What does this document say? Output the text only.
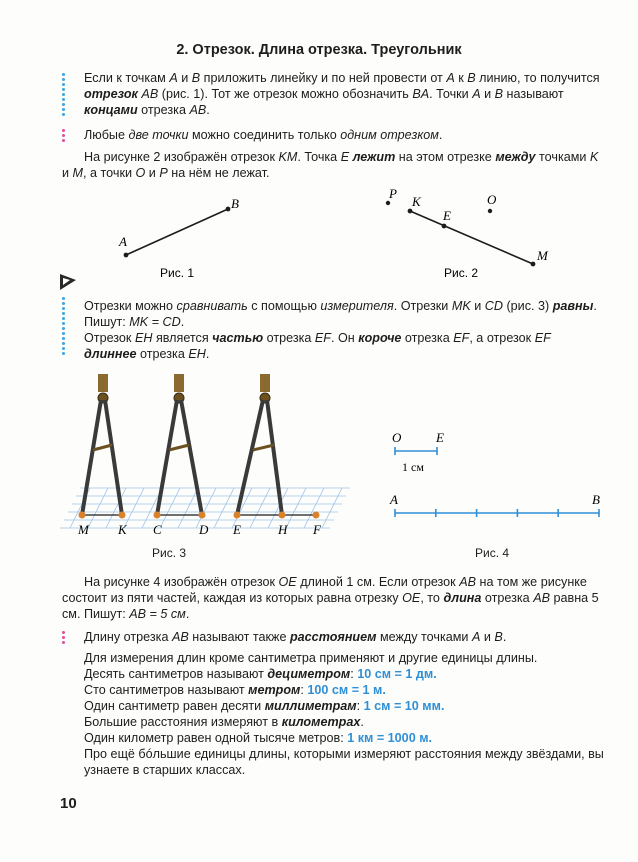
2. Отрезок. Длина отрезка. Треугольник
Если к точкам A и B приложить линейку и по ней провести от A к B линию, то получится отрезок AB (рис. 1). Тот же отрезок можно обозначить BA. Точки A и B называют концами отрезка AB.
Любые две точки можно соединить только одним отрезком.
На рисунке 2 изображён отрезок KM. Точка E лежит на этом отрезке между точками K и M, а точки O и P на нём не лежат.
A
B
Рис. 1
P
K
E
O
M
Рис. 2
Отрезки можно сравнивать с помощью измерителя. Отрезки MK и CD (рис. 3) равны. Пишут: MK = CD.
Отрезок EH является частью отрезка EF. Он короче отрезка EF, а отрезок EF длиннее отрезка EH.
M K C	D E	H F
Рис. 3
O	E
1 см
A	B
Рис. 4
На рисунке 4 изображён отрезок OE длиной 1 см. Если отрезок AB на том же рисунке состоит из пяти частей, каждая из которых равна отрезку OE, то длина отрезка AB равна 5 см. Пишут: AB = 5 см.
Длину отрезка AB называют также расстоянием между точками A и B.
Для измерения длин кроме сантиметра применяют и другие единицы длины.
Десять сантиметров называют дециметром: 10 см = 1 дм.
Сто сантиметров называют метром: 100 см = 1 м.
Один сантиметр равен десяти миллиметрам: 1 см = 10 мм.
Большие расстояния измеряют в километрах.
Один километр равен одной тысяче метров: 1 км = 1000 м.
Про ещё бóльшие единицы длины, которыми измеряют расстояния между звёздами, вы узнаете в старших классах.
10
